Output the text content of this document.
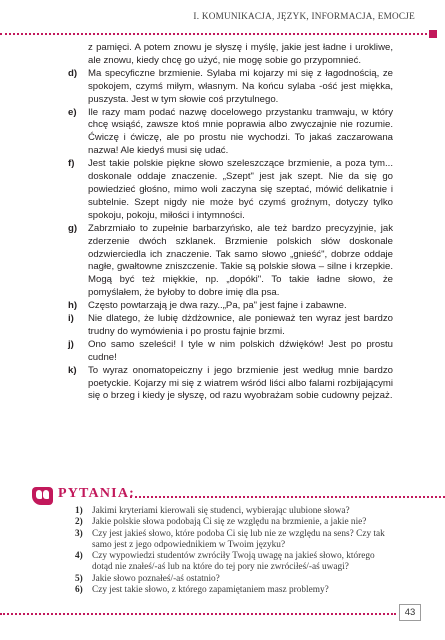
I. KOMUNIKACJA, JĘZYK, INFORMACJA, EMOCJE
z pamięci. A potem znowu je słyszę i myślę, jakie jest ładne i urokliwe, ale znowu, kiedy chcę go użyć, nie mogę sobie go przypomnieć.
d) Ma specyficzne brzmienie. Sylaba mi kojarzy mi się z łagodnością, ze spokojem, czymś miłym, własnym. Na końcu sylaba -ość jest miękka, puszysta. Jest w tym słowie coś przytulnego.
e) Ile razy mam podać nazwę docelowego przystanku tramwaju, w który chcę wsiąść, zawsze ktoś mnie poprawia albo zwyczajnie nie rozumie. Ćwiczę i ćwiczę, ale po prostu nie wychodzi. To jakaś zaczarowana nazwa! Ale kiedyś musi się udać.
f) Jest takie polskie piękne słowo szeleszczące brzmienie, a poza tym... doskonale oddaje znaczenie. „Szept" jest jak szept. Nie da się go powiedzieć głośno, mimo woli zaczyna się szeptać, mówić delikatnie i subtelnie. Szept nigdy nie może być czymś groźnym, dotyczy tylko spokoju, pokoju, miłości i intymności.
g) Zabrzmiało to zupełnie barbarzyńsko, ale też bardzo precyzyjnie, jak zderzenie dwóch szklanek. Brzmienie polskich słów doskonale odzwierciedla ich znaczenie. Tak samo słowo „gnieść", dobrze oddaje nagłe, gwałtowne zniszczenie. Takie są polskie słowa – silne i krzepkie. Mogą być też miękkie, np. „dopóki". To takie ładne słowo, że pomyślałem, że byłoby to dobre imię dla psa.
h) Często powtarzają je dwa razy..„Pa, pa" jest fajne i zabawne.
i) Nie dlatego, że lubię dżdżownice, ale ponieważ ten wyraz jest bardzo trudny do wymówienia i po prostu fajnie brzmi.
j) Ono samo szeleści! I tyle w nim polskich dźwięków! Jest po prostu cudne!
k) To wyraz onomatopeiczny i jego brzmienie jest według mnie bardzo poetyckie. Kojarzy mi się z wiatrem wśród liści albo falami rozbijającymi się o brzeg i kiedy je słyszę, od razu wyobrażam sobie cudowny pejzaż.
PYTANIA:
1) Jakimi kryteriami kierowali się studenci, wybierając ulubione słowa?
2) Jakie polskie słowa podobają Ci się ze względu na brzmienie, a jakie nie?
3) Czy jest jakieś słowo, które podoba Ci się lub nie ze względu na sens? Czy tak samo jest z jego odpowiednikiem w Twoim języku?
4) Czy wypowiedzi studentów zwróciły Twoją uwagę na jakieś słowo, którego dotąd nie znałeś/-aś lub na które do tej pory nie zwróciłeś/-aś uwagi?
5) Jakie słowo poznałeś/-aś ostatnio?
6) Czy jest takie słowo, z którego zapamiętaniem masz problemy?
43
